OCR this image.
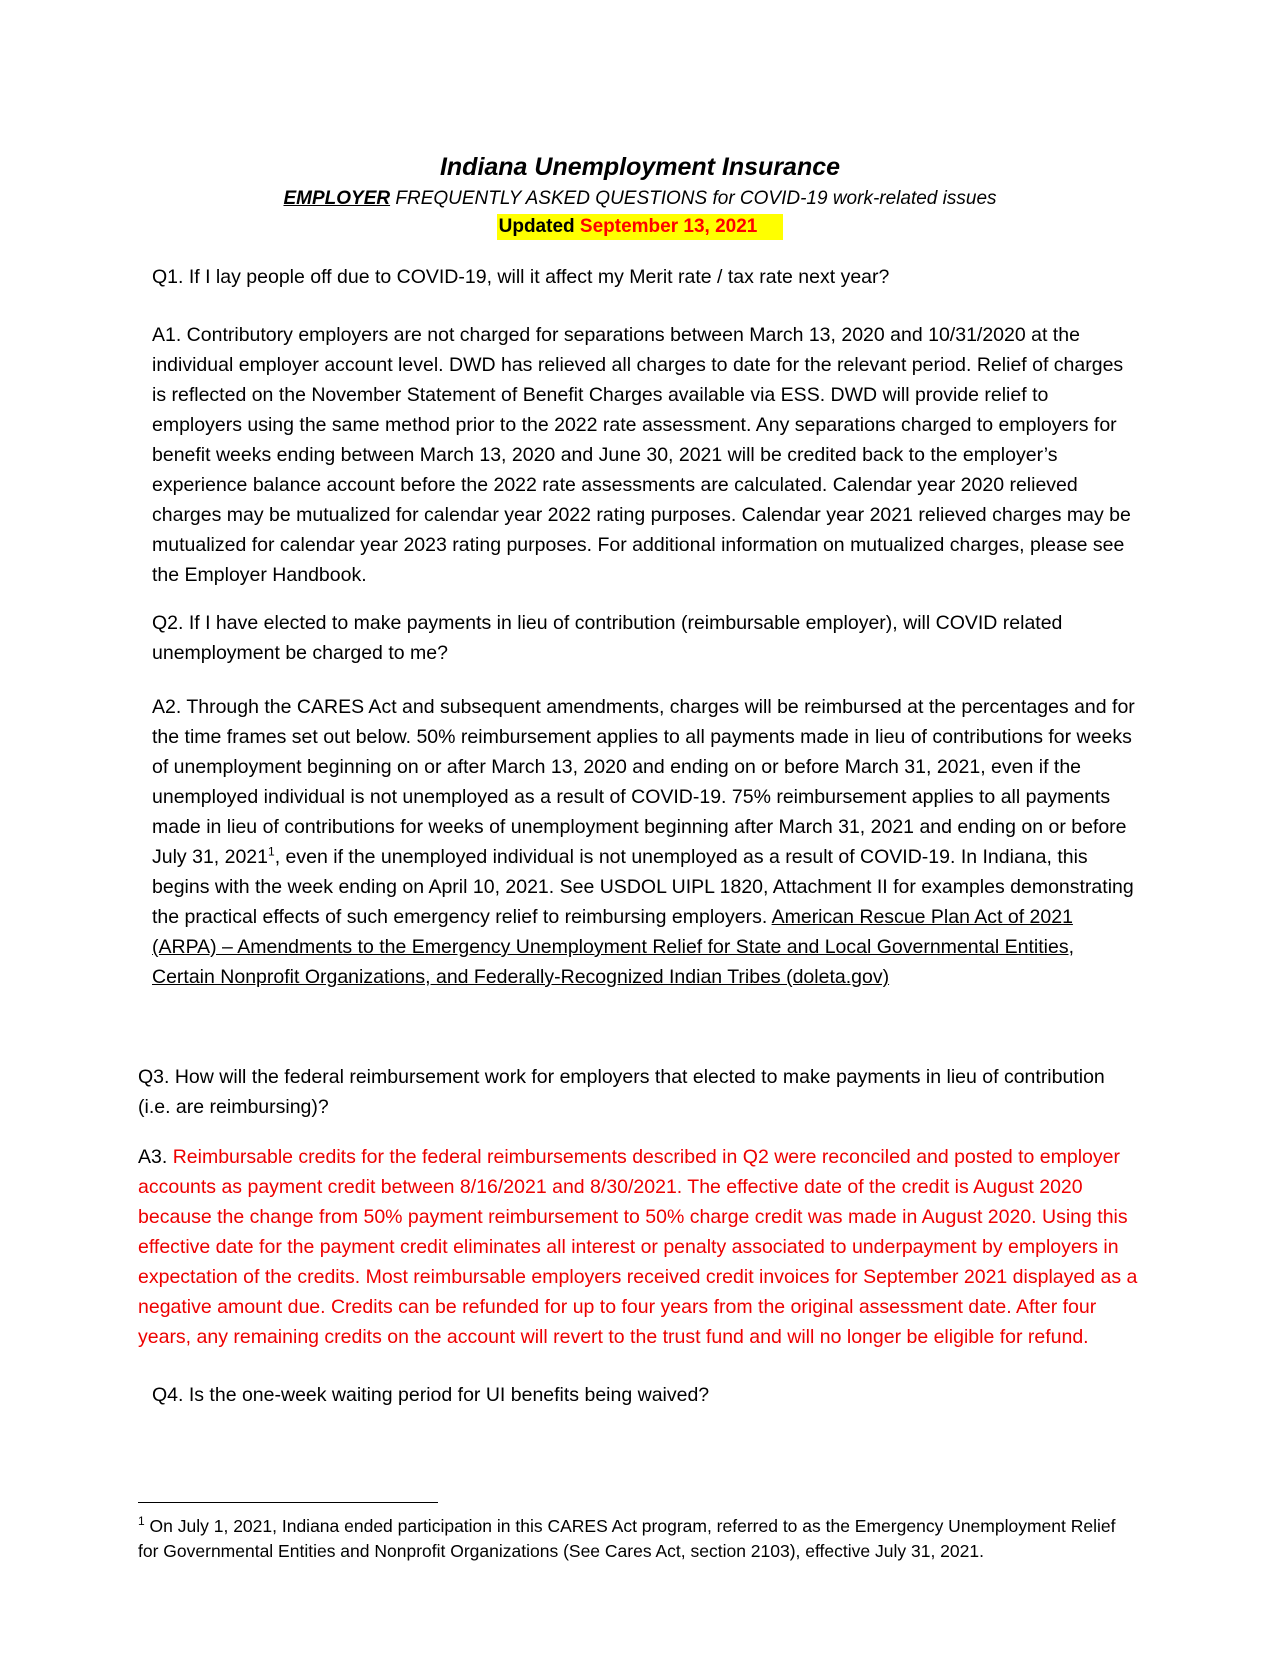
Indiana Unemployment Insurance
EMPLOYER FREQUENTLY ASKED QUESTIONS for COVID-19 work-related issues
Updated September 13, 2021
Q1. If I lay people off due to COVID-19, will it affect my Merit rate / tax rate next year?
A1. Contributory employers are not charged for separations between March 13, 2020 and 10/31/2020 at the individual employer account level. DWD has relieved all charges to date for the relevant period. Relief of charges is reflected on the November Statement of Benefit Charges available via ESS. DWD will provide relief to employers using the same method prior to the 2022 rate assessment. Any separations charged to employers for benefit weeks ending between March 13, 2020 and June 30, 2021 will be credited back to the employer’s experience balance account before the 2022 rate assessments are calculated. Calendar year 2020 relieved charges may be mutualized for calendar year 2022 rating purposes. Calendar year 2021 relieved charges may be mutualized for calendar year 2023 rating purposes. For additional information on mutualized charges, please see the Employer Handbook.
Q2. If I have elected to make payments in lieu of contribution (reimbursable employer), will COVID related unemployment be charged to me?
A2. Through the CARES Act and subsequent amendments, charges will be reimbursed at the percentages and for the time frames set out below. 50% reimbursement applies to all payments made in lieu of contributions for weeks of unemployment beginning on or after March 13, 2020 and ending on or before March 31, 2021, even if the unemployed individual is not unemployed as a result of COVID-19. 75% reimbursement applies to all payments made in lieu of contributions for weeks of unemployment beginning after March 31, 2021 and ending on or before July 31, 2021$^1$, even if the unemployed individual is not unemployed as a result of COVID-19. In Indiana, this begins with the week ending on April 10, 2021. See USDOL UIPL 1820, Attachment II for examples demonstrating the practical effects of such emergency relief to reimbursing employers. American Rescue Plan Act of 2021 (ARPA) – Amendments to the Emergency Unemployment Relief for State and Local Governmental Entities, Certain Nonprofit Organizations, and Federally-Recognized Indian Tribes (doleta.gov)
Q3. How will the federal reimbursement work for employers that elected to make payments in lieu of contribution (i.e. are reimbursing)?
A3. Reimbursable credits for the federal reimbursements described in Q2 were reconciled and posted to employer accounts as payment credit between 8/16/2021 and 8/30/2021. The effective date of the credit is August 2020 because the change from 50% payment reimbursement to 50% charge credit was made in August 2020. Using this effective date for the payment credit eliminates all interest or penalty associated to underpayment by employers in expectation of the credits. Most reimbursable employers received credit invoices for September 2021 displayed as a negative amount due. Credits can be refunded for up to four years from the original assessment date. After four years, any remaining credits on the account will revert to the trust fund and will no longer be eligible for refund.
Q4. Is the one-week waiting period for UI benefits being waived?
$^1$ On July 1, 2021, Indiana ended participation in this CARES Act program, referred to as the Emergency Unemployment Relief for Governmental Entities and Nonprofit Organizations (See Cares Act, section 2103), effective July 31, 2021.
